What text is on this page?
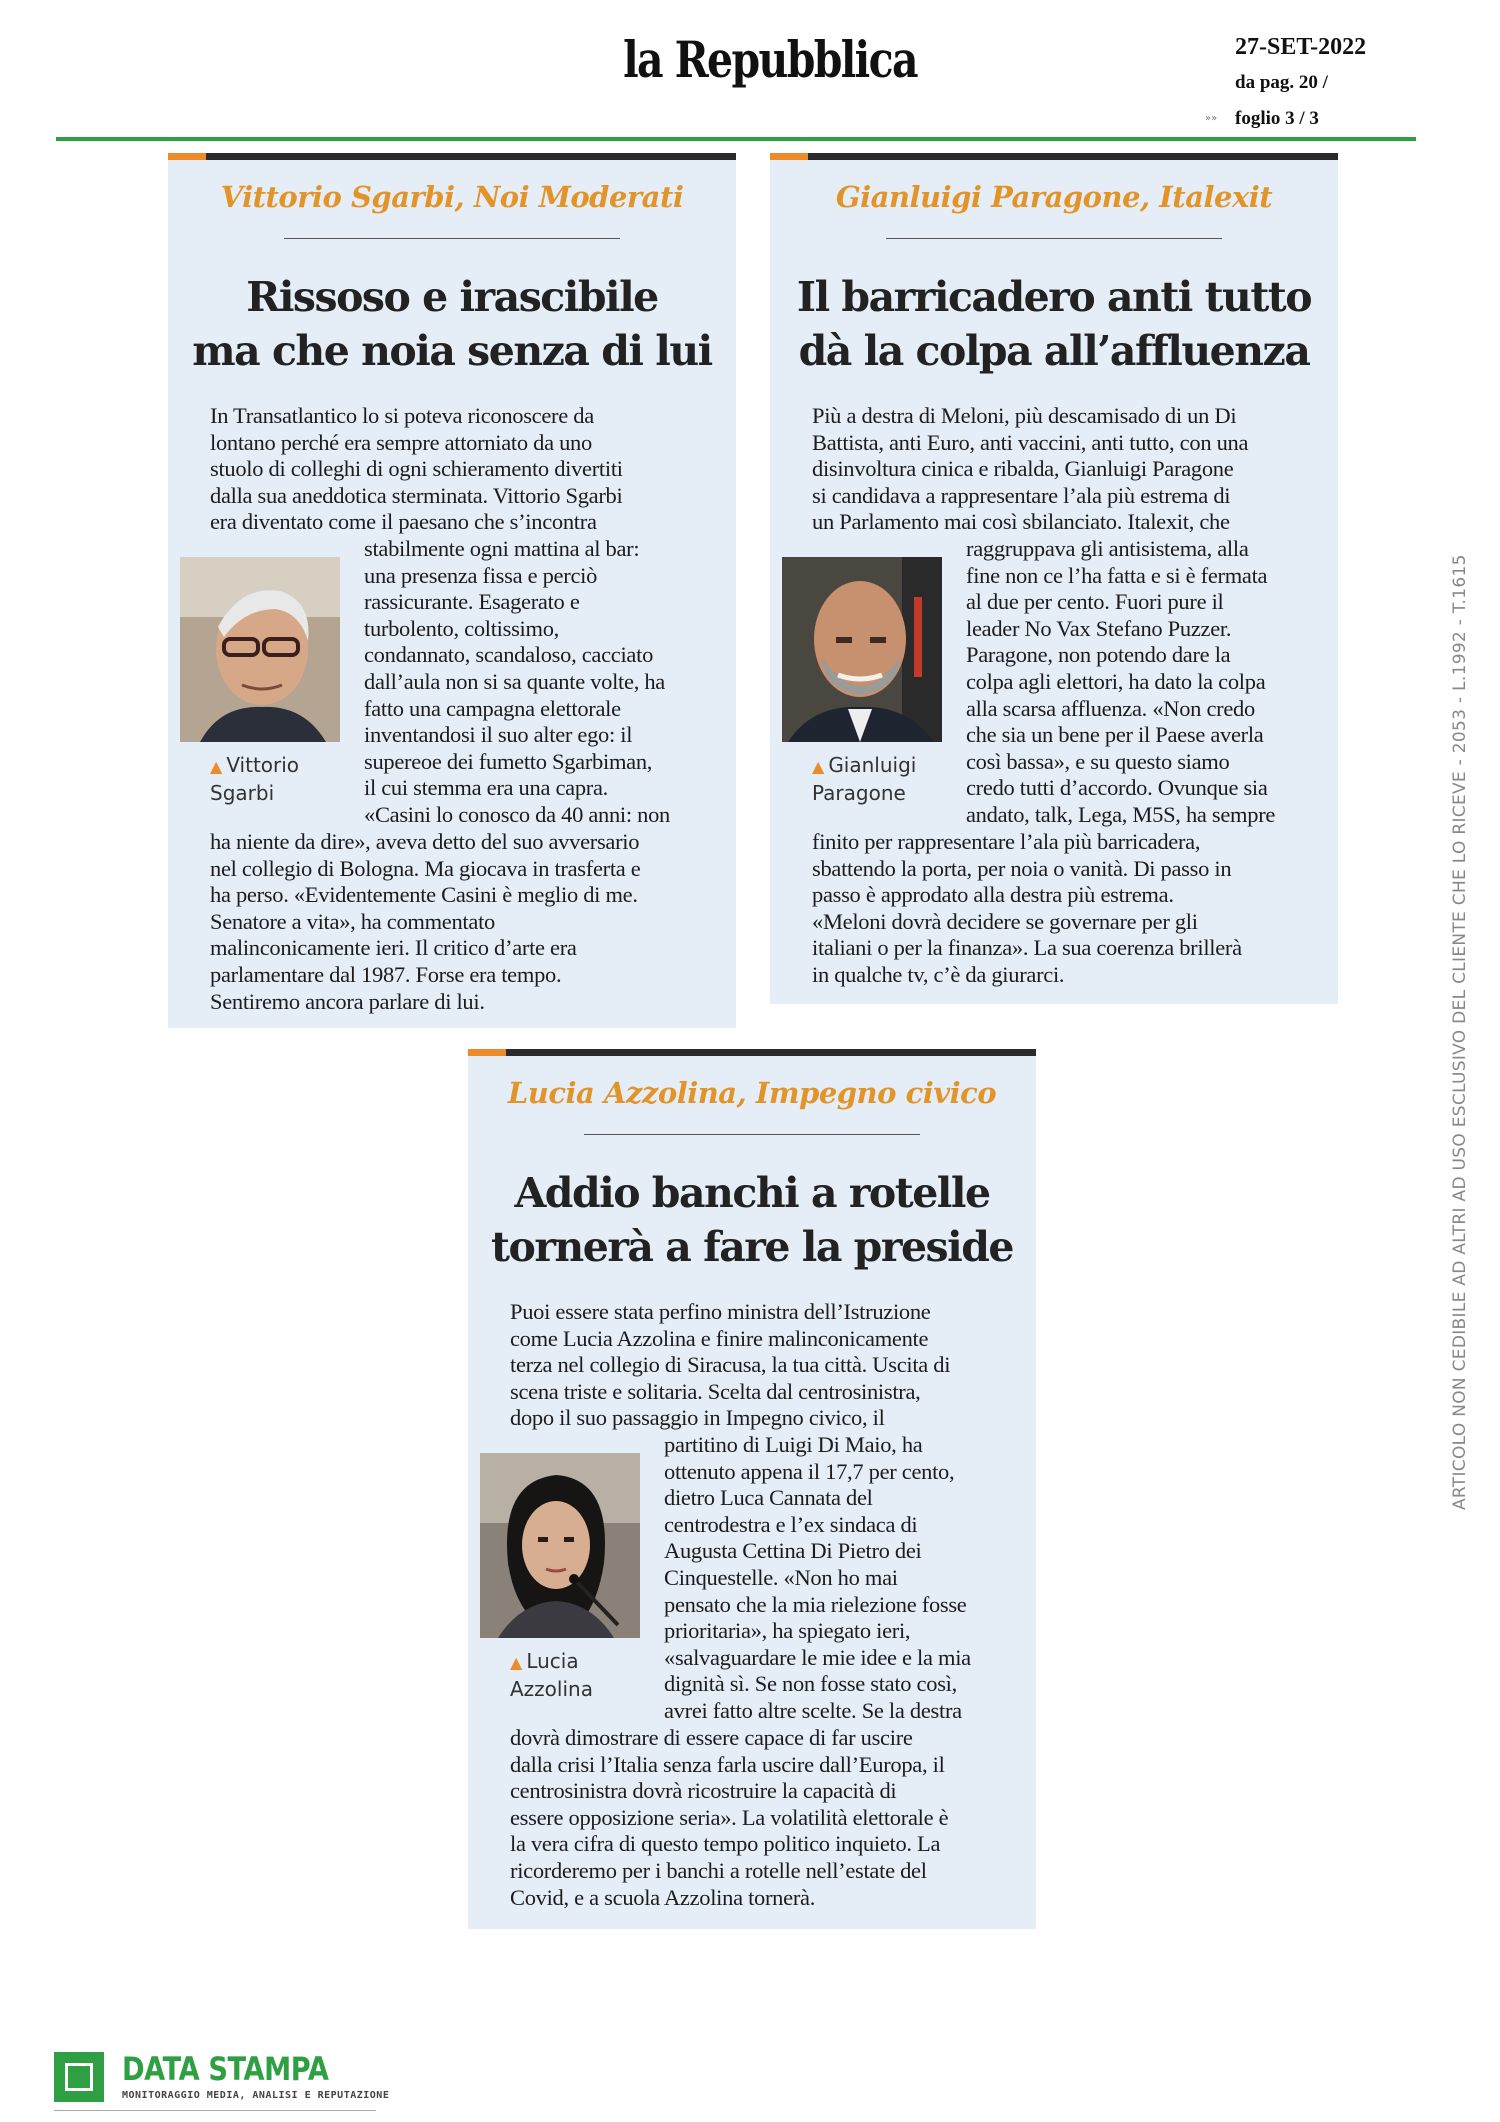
la Repubblica	27-SET-2022
da pag. 20 /
»» foglio 3 / 3
Vittorio Sgarbi, Noi Moderati
Rissoso e irascibile
ma che noia senza di lui
In Transatlantico lo si poteva riconoscere da
lontano perché era sempre attorniato da uno
stuolo di colleghi di ogni schieramento divertiti
dalla sua aneddotica sterminata. Vittorio Sgarbi
era diventato come il paesano che s’incontra
▲ Vittorio
Sgarbi
stabilmente ogni mattina al bar:
una presenza fissa e perciò
rassicurante. Esagerato e
turbolento, coltissimo,
condannato, scandaloso, cacciato
dall’aula non si sa quante volte, ha
fatto una campagna elettorale
inventandosi il suo alter ego: il
supereoe dei fumetto Sgarbiman,
il cui stemma era una capra.
«Casini lo conosco da 40 anni: non
ha niente da dire», aveva detto del suo avversario
nel collegio di Bologna. Ma giocava in trasferta e
ha perso. «Evidentemente Casini è meglio di me.
Senatore a vita», ha commentato
malinconicamente ieri. Il critico d’arte era
parlamentare dal 1987. Forse era tempo.
Sentiremo ancora parlare di lui.
Gianluigi Paragone, Italexit
Il barricadero anti tutto
dà la colpa all’affluenza
Più a destra di Meloni, più descamisado di un Di
Battista, anti Euro, anti vaccini, anti tutto, con una
disinvoltura cinica e ribalda, Gianluigi Paragone
si candidava a rappresentare l’ala più estrema di
un Parlamento mai così sbilanciato. Italexit, che
▲ Gianluigi
Paragone
raggruppava gli antisistema, alla
fine non ce l’ha fatta e si è fermata
al due per cento. Fuori pure il
leader No Vax Stefano Puzzer.
Paragone, non potendo dare la
colpa agli elettori, ha dato la colpa
alla scarsa affluenza. «Non credo
che sia un bene per il Paese averla
così bassa», e su questo siamo
credo tutti d’accordo. Ovunque sia
andato, talk, Lega, M5S, ha sempre
finito per rappresentare l’ala più barricadera,
sbattendo la porta, per noia o vanità. Di passo in
passo è approdato alla destra più estrema.
«Meloni dovrà decidere se governare per gli
italiani o per la finanza». La sua coerenza brillerà
in qualche tv, c’è da giurarci.
Lucia Azzolina, Impegno civico
Addio banchi a rotelle
tornerà a fare la preside
Puoi essere stata perfino ministra dell’Istruzione
come Lucia Azzolina e finire malinconicamente
terza nel collegio di Siracusa, la tua città. Uscita di
scena triste e solitaria. Scelta dal centrosinistra,
dopo il suo passaggio in Impegno civico, il
▲ Lucia
Azzolina
partitino di Luigi Di Maio, ha
ottenuto appena il 17,7 per cento,
dietro Luca Cannata del
centrodestra e l’ex sindaca di
Augusta Cettina Di Pietro dei
Cinquestelle. «Non ho mai
pensato che la mia rielezione fosse
prioritaria», ha spiegato ieri,
«salvaguardare le mie idee e la mia
dignità sì. Se non fosse stato così,
avrei fatto altre scelte. Se la destra
dovrà dimostrare di essere capace di far uscire
dalla crisi l’Italia senza farla uscire dall’Europa, il
centrosinistra dovrà ricostruire la capacità di
essere opposizione seria». La volatilità elettorale è
la vera cifra di questo tempo politico inquieto. La
ricorderemo per i banchi a rotelle nell’estate del
Covid, e a scuola Azzolina tornerà.
ARTICOLO NON CEDIBILE AD ALTRI AD USO ESCLUSIVO DEL CLIENTE CHE LO RICEVE - 2053 - L.1992 - T.1615
DATA STAMPA
MONITORAGGIO MEDIA, ANALISI E REPUTAZIONE
